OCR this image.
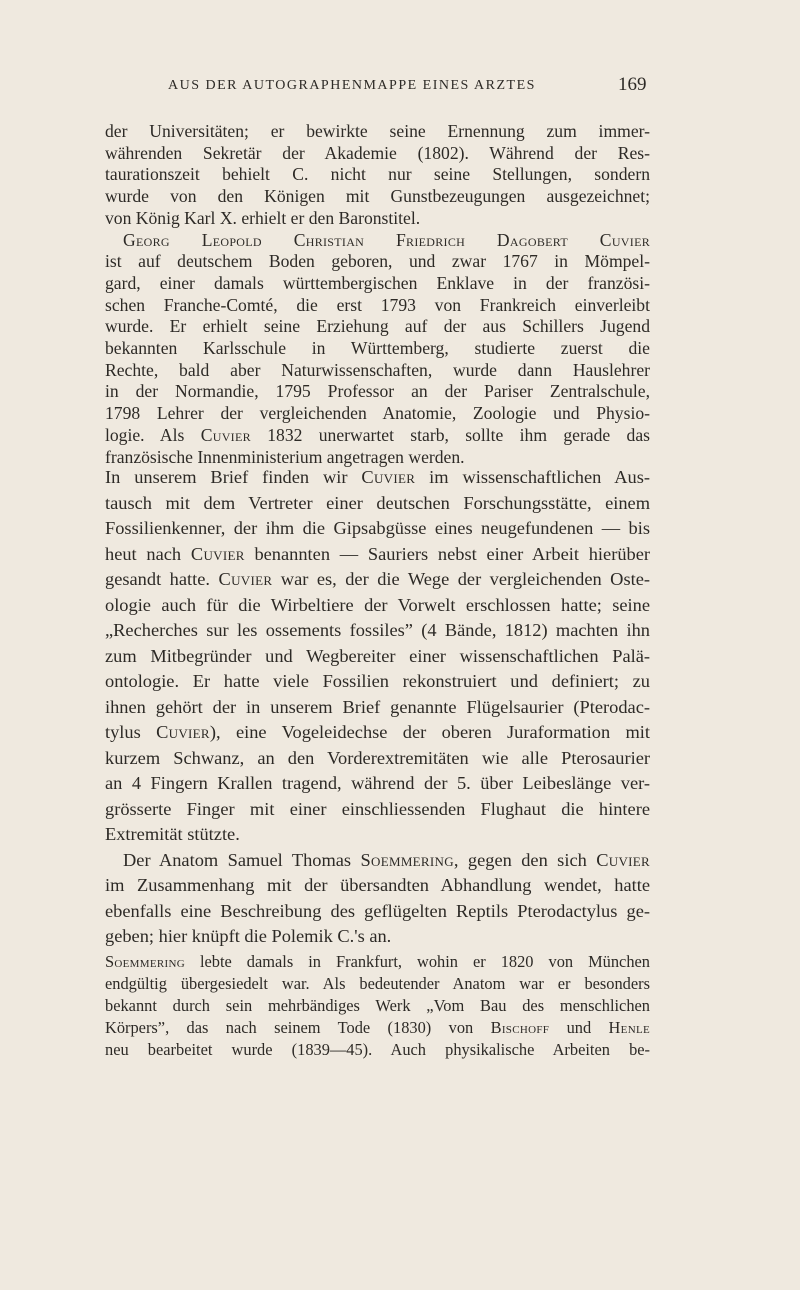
AUS DER AUTOGRAPHENMAPPE EINES ARZTES	169

der Universitäten; er bewirkte seine Ernennung zum immer-

währenden Sekretär der Akademie (1802). Während der Res-

taurationszeit behielt C. nicht nur seine Stellungen, sondern

wurde von den Königen mit Gunstbezeugungen ausgezeichnet;

von König Karl X. erhielt er den Baronstitel.

Georg Leopold Christian Friedrich Dagobert Cuvier

ist auf deutschem Boden geboren, und zwar 1767 in Mömpel-

gard, einer damals württembergischen Enklave in der französi-

schen Franche-Comté, die erst 1793 von Frankreich einverleibt

wurde. Er erhielt seine Erziehung auf der aus Schillers Jugend

bekannten Karlsschule in Württemberg, studierte zuerst die

Rechte, bald aber Naturwissenschaften, wurde dann Hauslehrer

in der Normandie, 1795 Professor an der Pariser Zentralschule,

1798 Lehrer der vergleichenden Anatomie, Zoologie und Physio-

logie. Als Cuvier 1832 unerwartet starb, sollte ihm gerade das

französische Innenministerium angetragen werden.

In unserem Brief finden wir Cuvier im wissenschaftlichen Aus-

tausch mit dem Vertreter einer deutschen Forschungsstätte, einem

Fossilienkenner, der ihm die Gipsabgüsse eines neugefundenen — bis

heut nach Cuvier benannten — Sauriers nebst einer Arbeit hierüber

gesandt hatte. Cuvier war es, der die Wege der vergleichenden Oste-

ologie auch für die Wirbeltiere der Vorwelt erschlossen hatte; seine

„Recherches sur les ossements fossiles” (4 Bände, 1812) machten ihn

zum Mitbegründer und Wegbereiter einer wissenschaftlichen Palä-

ontologie. Er hatte viele Fossilien rekonstruiert und definiert; zu

ihnen gehört der in unserem Brief genannte Flügelsaurier (Pterodac-

tylus Cuvier), eine Vogeleidechse der oberen Juraformation mit

kurzem Schwanz, an den Vorderextremitäten wie alle Pterosaurier

an 4 Fingern Krallen tragend, während der 5. über Leibeslänge ver-

grösserte Finger mit einer einschliessenden Flughaut die hintere

Extremität stützte.

Der Anatom Samuel Thomas Soemmering, gegen den sich Cuvier

im Zusammenhang mit der übersandten Abhandlung wendet, hatte

ebenfalls eine Beschreibung des geflügelten Reptils Pterodactylus ge-

geben; hier knüpft die Polemik C.'s an.

Soemmering lebte damals in Frankfurt, wohin er 1820 von München

endgültig übergesiedelt war. Als bedeutender Anatom war er besonders

bekannt durch sein mehrbändiges Werk „Vom Bau des menschlichen

Körpers”, das nach seinem Tode (1830) von Bischoff und Henle

neu bearbeitet wurde (1839—45). Auch physikalische Arbeiten be-
